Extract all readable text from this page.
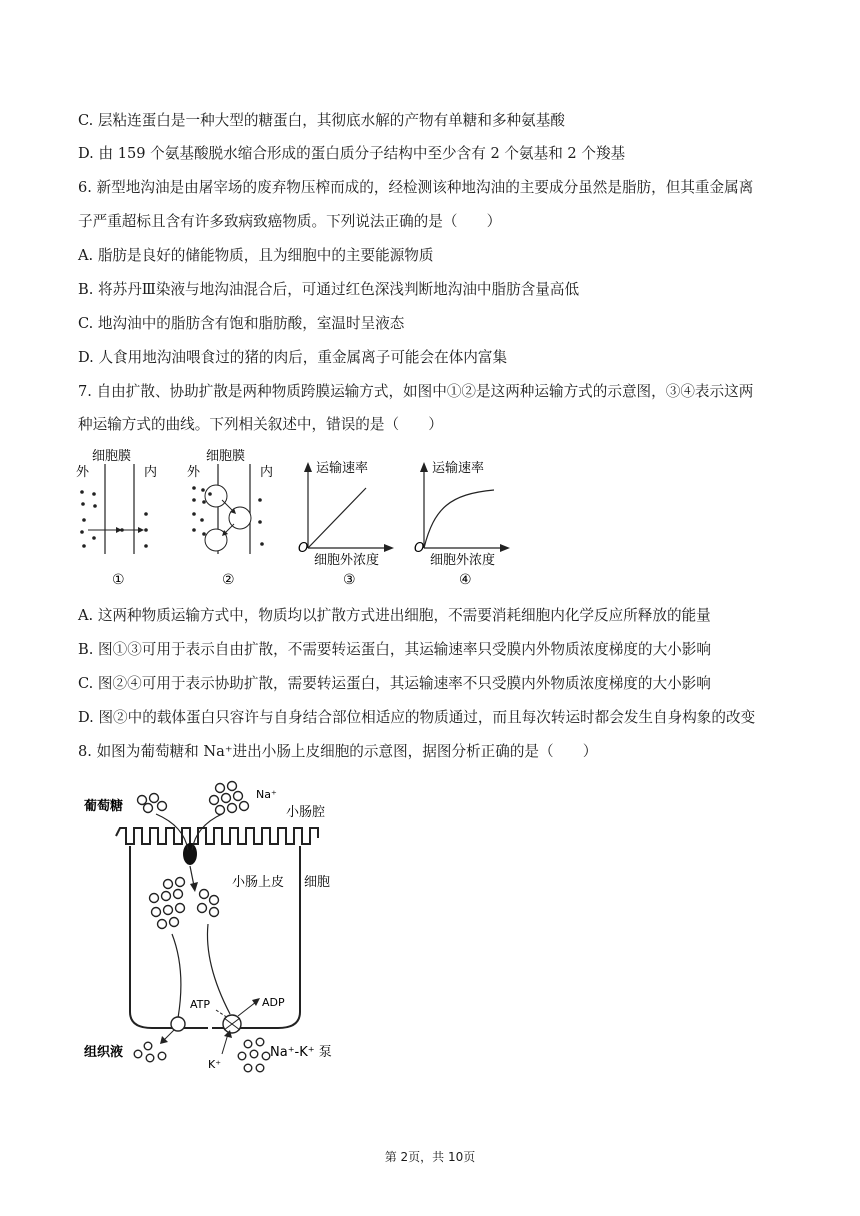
C. 层粘连蛋白是一种大型的糖蛋白，其彻底水解的产物有单糖和多种氨基酸
D. 由 159 个氨基酸脱水缩合形成的蛋白质分子结构中至少含有 2 个氨基和 2 个羧基
6. 新型地沟油是由屠宰场的废弃物压榨而成的，经检测该种地沟油的主要成分虽然是脂肪，但其重金属离
子严重超标且含有许多致病致癌物质。下列说法正确的是（　　）
A. 脂肪是良好的储能物质，且为细胞中的主要能源物质
B. 将苏丹Ⅲ染液与地沟油混合后，可通过红色深浅判断地沟油中脂肪含量高低
C. 地沟油中的脂肪含有饱和脂肪酸，室温时呈液态
D. 人食用地沟油喂食过的猪的肉后，重金属离子可能会在体内富集
7. 自由扩散、协助扩散是两种物质跨膜运输方式，如图中①②是这两种运输方式的示意图，③④表示这两
种运输方式的曲线。下列相关叙述中，错误的是（　　）
A. 这两种物质运输方式中，物质均以扩散方式进出细胞，不需要消耗细胞内化学反应所释放的能量
B. 图①③可用于表示自由扩散，不需要转运蛋白，其运输速率只受膜内外物质浓度梯度的大小影响
C. 图②④可用于表示协助扩散，需要转运蛋白，其运输速率不只受膜内外物质浓度梯度的大小影响
D. 图②中的载体蛋白只容许与自身结合部位相适应的物质通过，而且每次转运时都会发生自身构象的改变
8. 如图为葡萄糖和 Na⁺进出小肠上皮细胞的示意图，据图分析正确的是（　　）
细胞膜
外	内
①
细胞膜
外	内
②
运输速率
O
细胞外浓度
③
运输速率
O
细胞外浓度
④
葡萄糖
Na⁺
小肠腔
小肠上皮 细胞
ATP	ADP
组织液
K⁺
Na⁺-K⁺ 泵
第 2页，共 10页
